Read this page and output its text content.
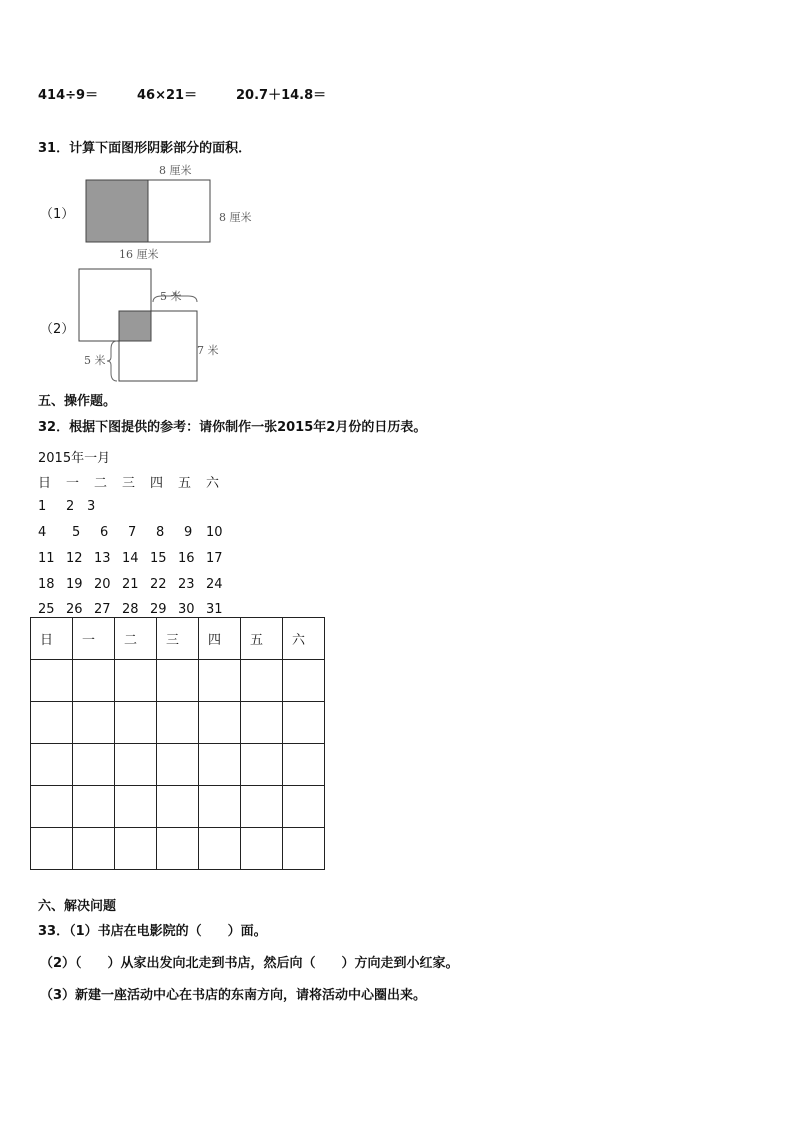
414÷9＝	46×21＝	20.7＋14.8＝
31．计算下面图形阴影部分的面积．
（1）
8 厘米
8 厘米
16 厘米
（2）
5 米
7 米
5 米
五、操作题。
32．根据下图提供的参考：请你制作一张2015年2月份的日历表。
2015年一月
日 一 二 三 四 五 六
1 2 3
4 5 6 7 8 9 10
11 12 13 14 15 16 17
18 19 20 21 22 23 24
25 26 27 28 29 30 31
日	一	二	三	四	五	六

六、解决问题
33．（1）书店在电影院的（　　）面。
（2）（　　）从家出发向北走到书店，然后向（　　）方向走到小红家。
（3）新建一座活动中心在书店的东南方向，请将活动中心圈出来。
